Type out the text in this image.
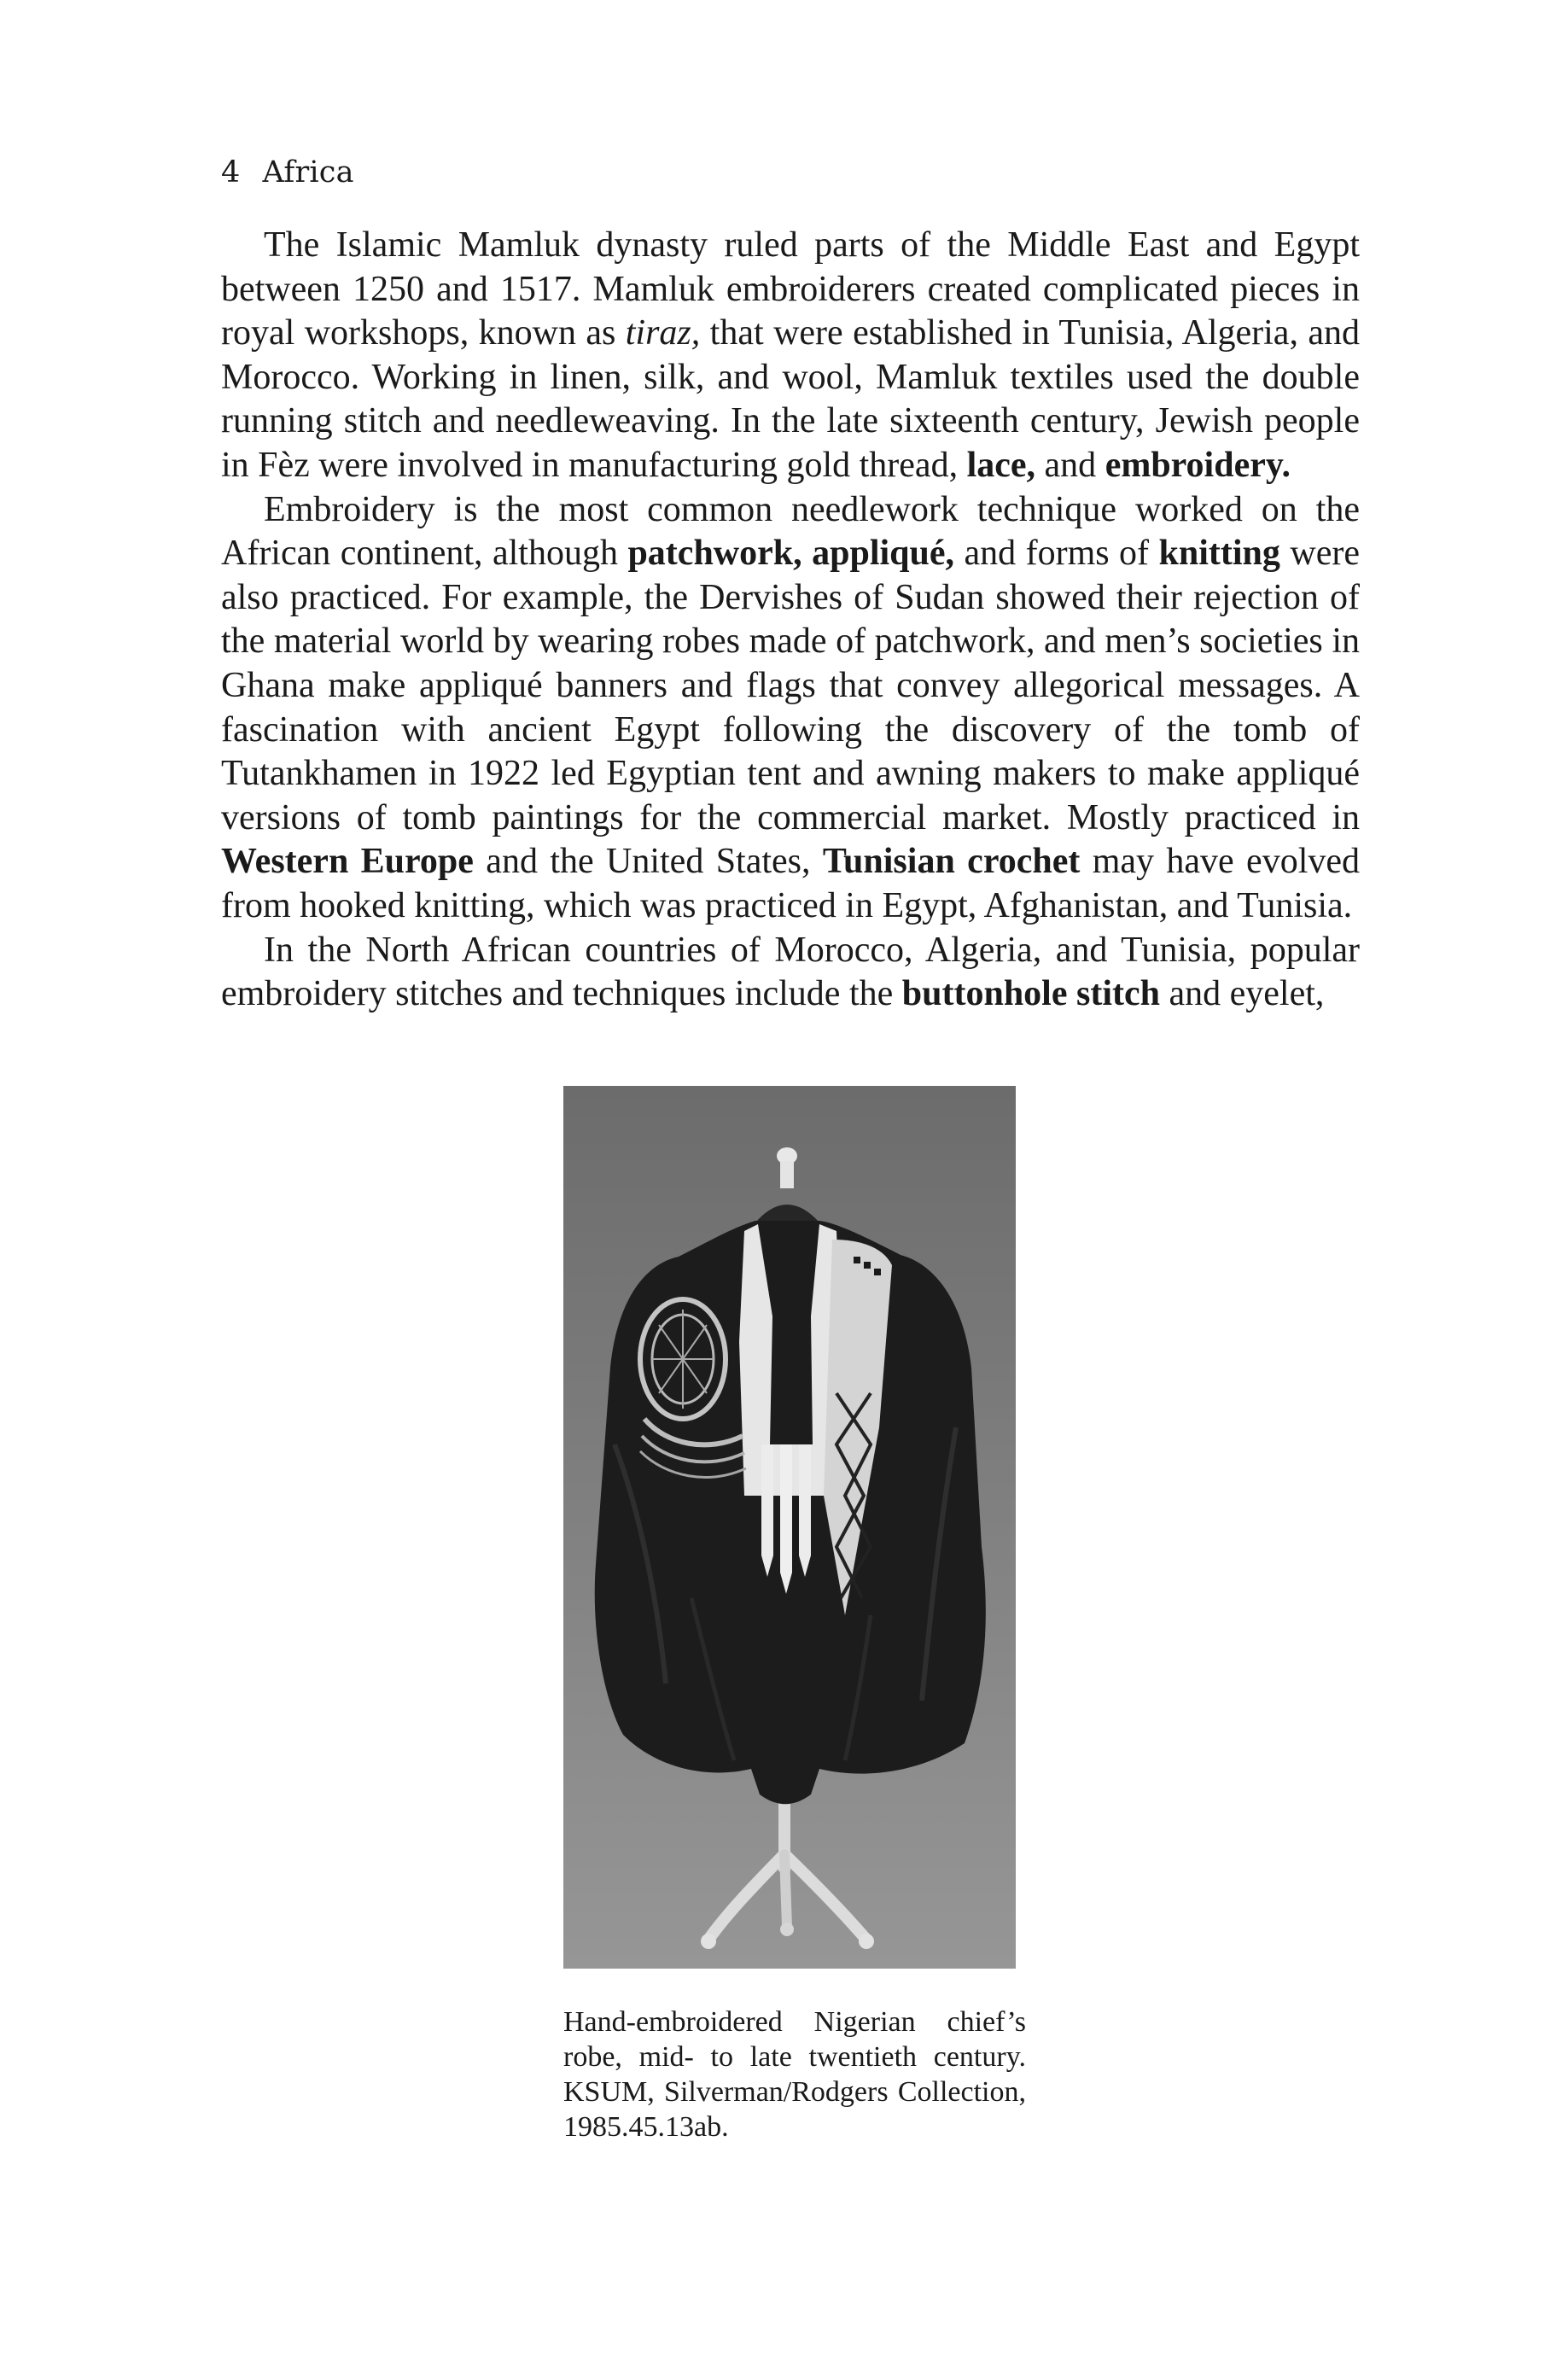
4 Africa

The Islamic Mamluk dynasty ruled parts of the Middle East and Egypt between 1250 and 1517. Mamluk embroiderers created complicated pieces in royal workshops, known as tiraz, that were established in Tunisia, Algeria, and Morocco. Working in linen, silk, and wool, Mamluk textiles used the double running stitch and needleweaving. In the late sixteenth century, Jewish people in Fèz were involved in manufacturing gold thread, lace, and embroidery.

Embroidery is the most common needlework technique worked on the African continent, although patchwork, appliqué, and forms of knitting were also practiced. For example, the Dervishes of Sudan showed their rejection of the material world by wearing robes made of patchwork, and men’s societies in Ghana make appliqué banners and flags that convey allegorical messages. A fascination with ancient Egypt following the discovery of the tomb of Tutankhamen in 1922 led Egyptian tent and awning makers to make appliqué versions of tomb paintings for the commercial market. Mostly practiced in Western Europe and the United States, Tunisian crochet may have evolved from hooked knitting, which was practiced in Egypt, Afghanistan, and Tunisia.

In the North African countries of Morocco, Algeria, and Tunisia, popular embroidery stitches and techniques include the buttonhole stitch and eyelet,

Hand-embroidered Nigerian chief’s robe, mid- to late twentieth century. KSUM, Silverman/Rodgers Collection, 1985.45.13ab.
